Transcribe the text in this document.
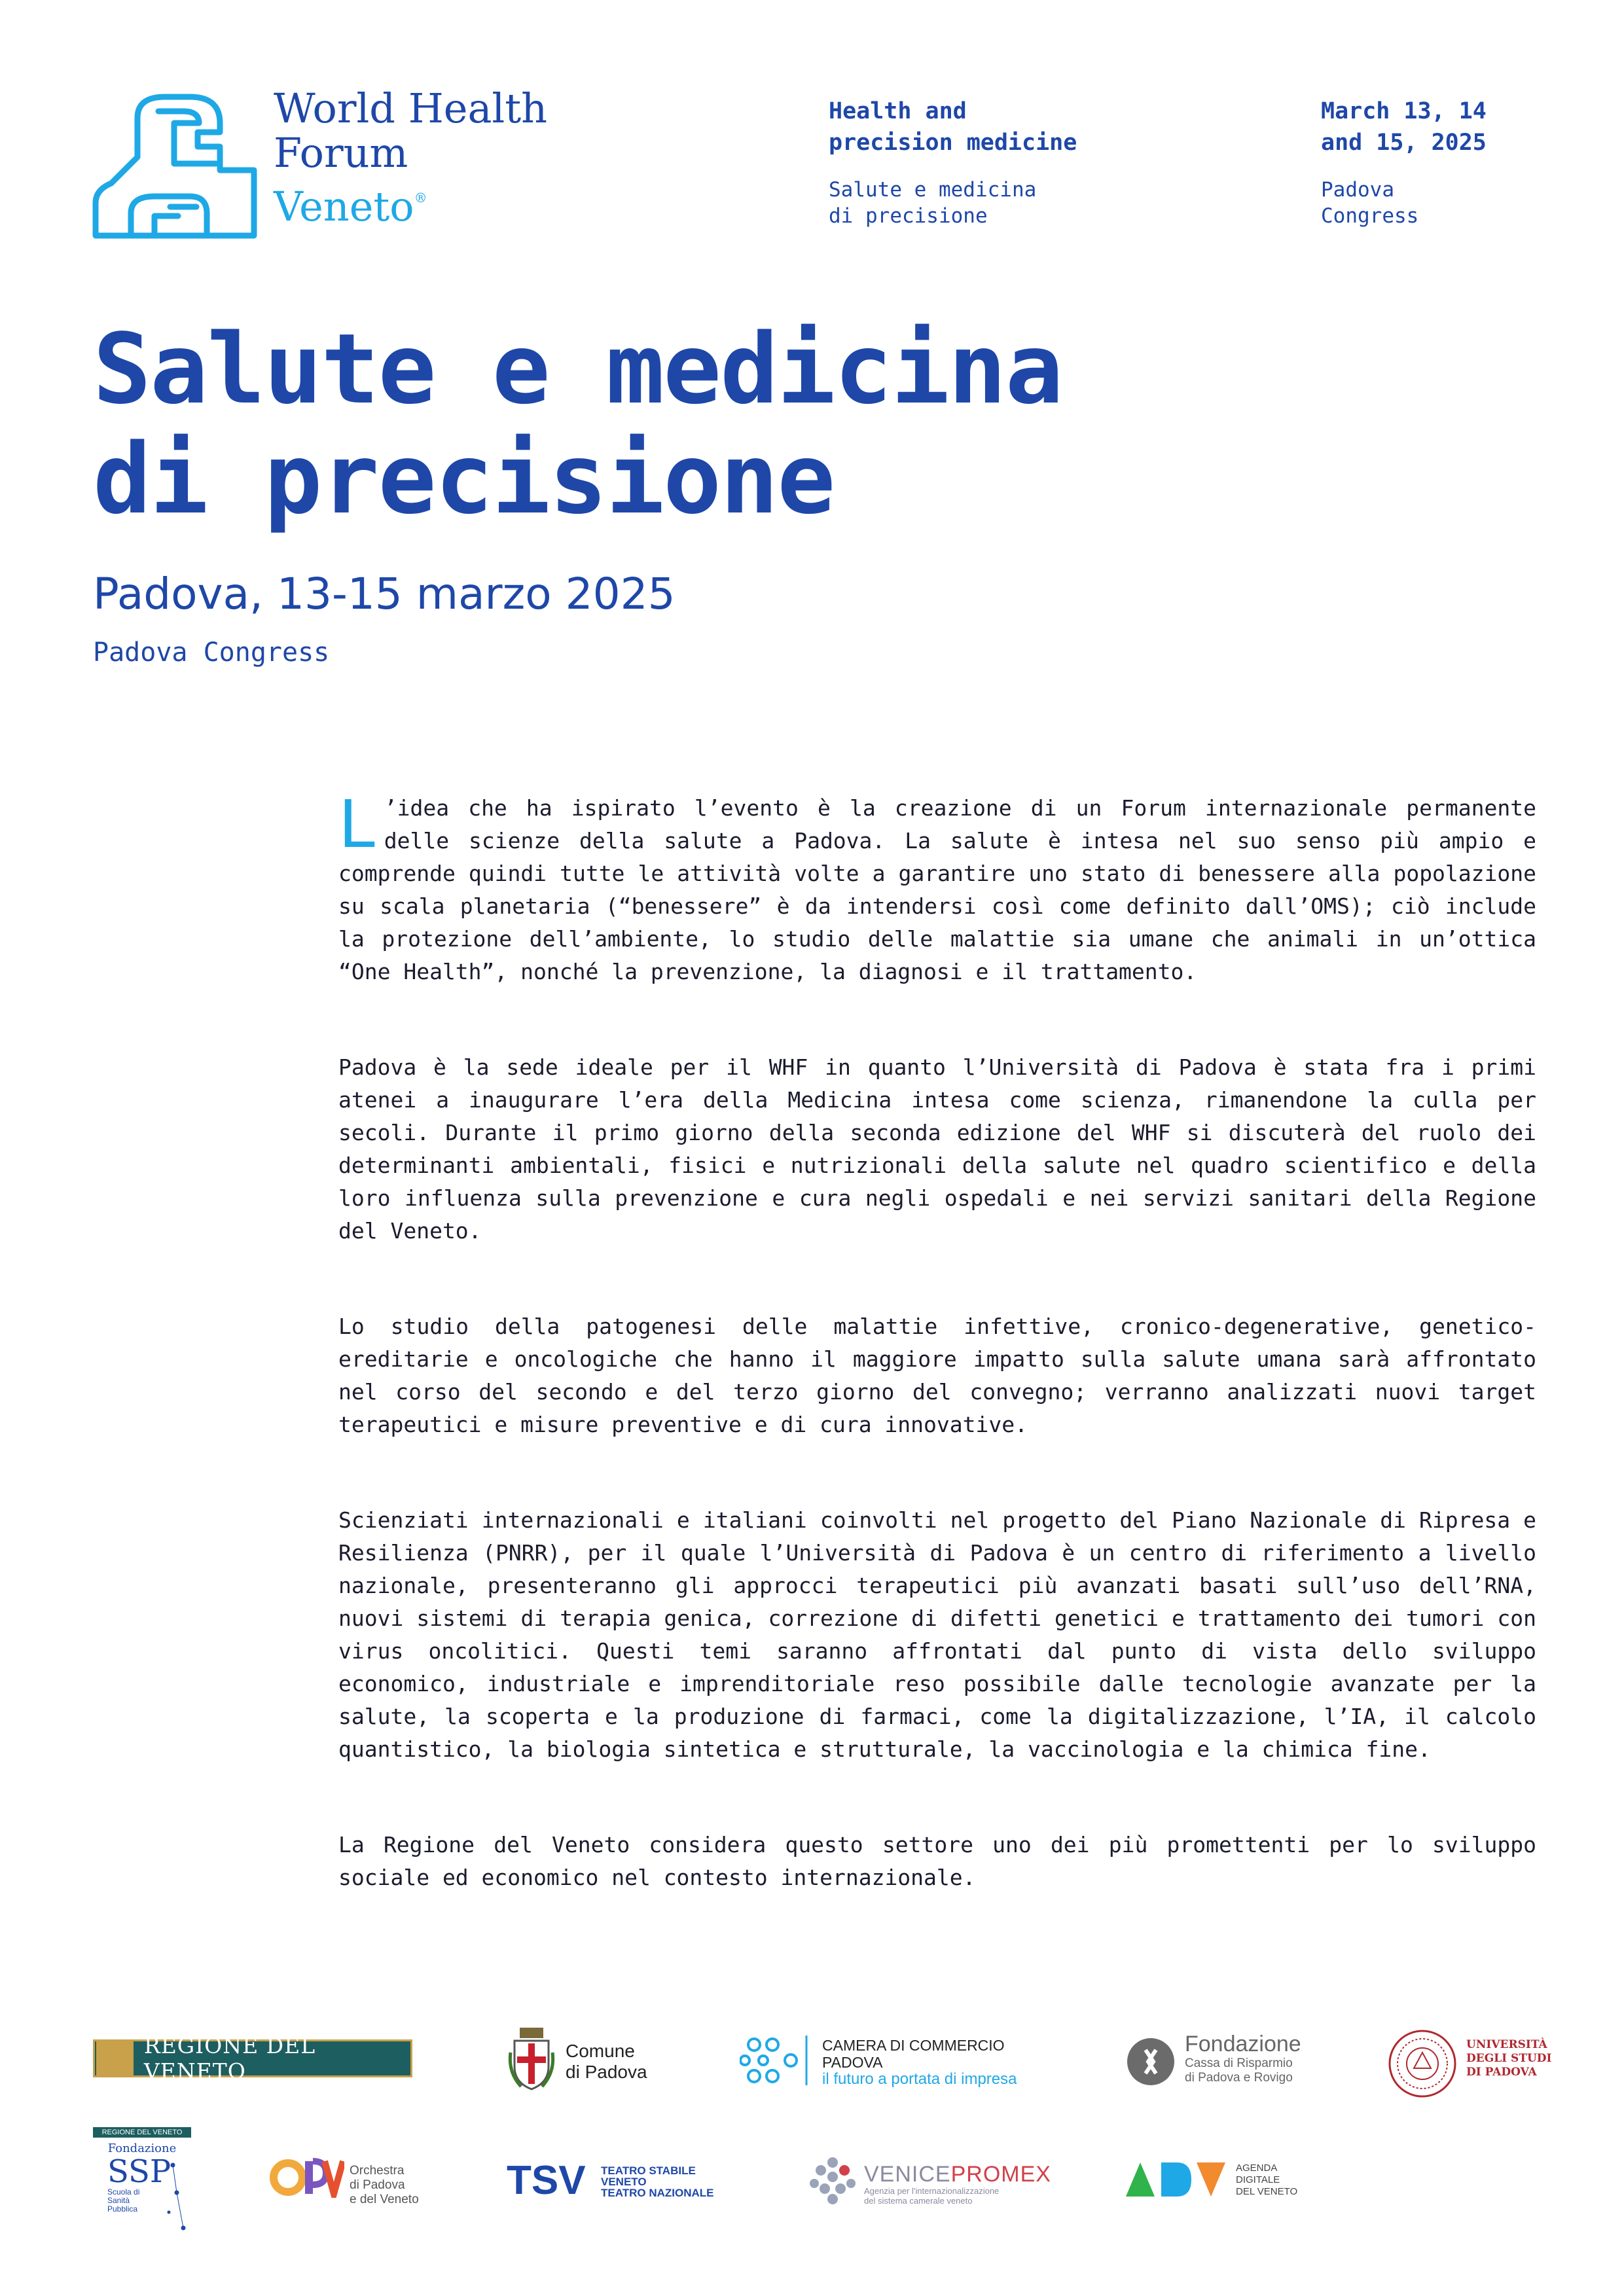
World Health
Forum
Veneto®
Health and
precision medicine
Salute e medicina
di precisione
March 13, 14
and 15, 2025
Padova
Congress
Salute e medicina
di precisione
Padova, 13-15 marzo 2025
Padova Congress

L ’idea che ha ispirato l’evento è la creazione di un Forum internazionale permanente delle scienze della salute a Padova. La salute è intesa nel suo senso più ampio e comprende quindi tutte le attività volte a garantire uno stato di benessere alla popolazione su scala planetaria (“benessere” è da intendersi così come definito dall’OMS); ciò include la protezione dell’ambiente, lo studio delle malattie sia umane che animali in un’ottica “One Health”, nonché la prevenzione, la diagnosi e il trattamento.

Padova è la sede ideale per il WHF in quanto l’Università di Padova è stata fra i primi atenei a inaugurare l’era della Medicina intesa come scienza, rimanendone la culla per secoli. Durante il primo giorno della seconda edizione del WHF si discuterà del ruolo dei determinanti ambientali, fisici e nutrizionali della salute nel quadro scientifico e della loro influenza sulla prevenzione e cura negli ospedali e nei servizi sanitari della Regione del Veneto.

Lo studio della patogenesi delle malattie infettive, cronico-degenerative, genetico-ereditarie e oncologiche che hanno il maggiore impatto sulla salute umana sarà affrontato nel corso del secondo e del terzo giorno del convegno; verranno analizzati nuovi target terapeutici e misure preventive e di cura innovative.

Scienziati internazionali e italiani coinvolti nel progetto del Piano Nazionale di Ripresa e Resilienza (PNRR), per il quale l’Università di Padova è un centro di riferimento a livello nazionale, presenteranno gli approcci terapeutici più avanzati basati sull’uso dell’RNA, nuovi sistemi di terapia genica, correzione di difetti genetici e trattamento dei tumori con virus oncolitici. Questi temi saranno affrontati dal punto di vista dello sviluppo economico, industriale e imprenditoriale reso possibile dalle tecnologie avanzate per la salute, la scoperta e la produzione di farmaci, come la digitalizzazione, l’IA, il calcolo quantistico, la biologia sintetica e strutturale, la vaccinologia e la chimica fine.

La Regione del Veneto considera questo settore uno dei più promettenti per lo sviluppo sociale ed economico nel contesto internazionale.

REGIONE DEL VENETO
Comune
di Padova
CAMERA DI COMMERCIO
PADOVA
il futuro a portata di impresa
Fondazione
Cassa di Risparmio
di Padova e Rovigo
UNIVERSITÀ
DEGLI STUDI
DI PADOVA
REGIONE DEL VENETO
Fondazione
SSP
Scuola di
Sanità
Pubblica
Orchestra
di Padova
e del Veneto TSV TEATRO STABILE
VENETO
TEATRO NAZIONALE
VENICEPROMEX
Agenzia per l'internazionalizzazione
del sistema camerale veneto
AGENDA
DIGITALE
DEL VENETO
